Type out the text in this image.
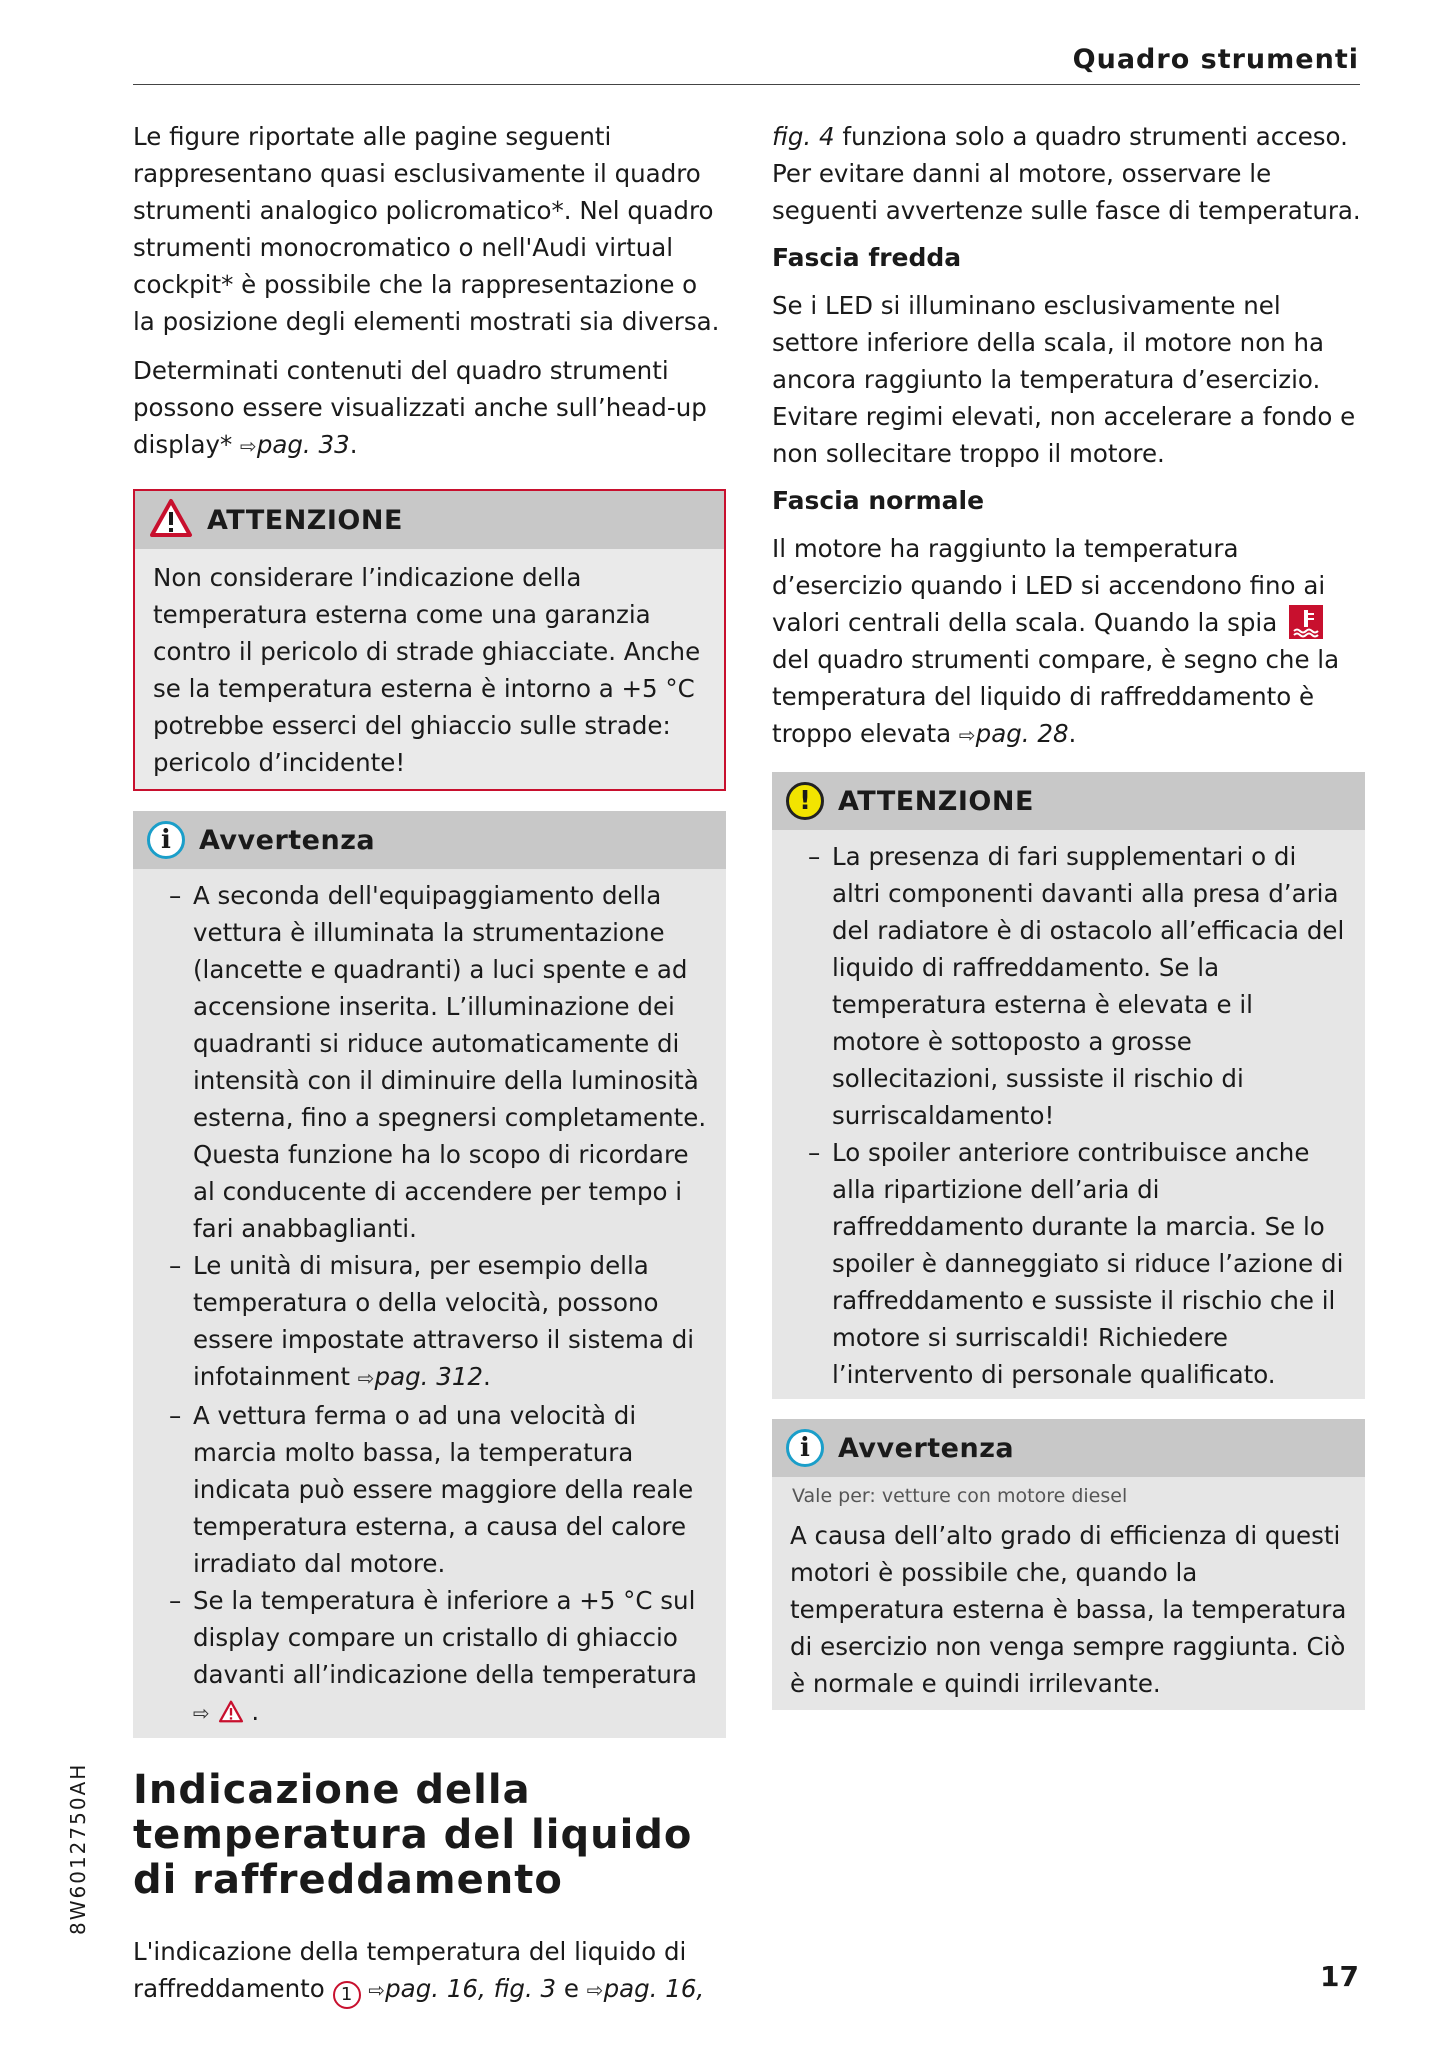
Quadro strumenti

Le figure riportate alle pagine seguenti rappresentano quasi esclusivamente il quadro strumenti analogico policromatico*. Nel quadro strumenti monocromatico o nell'Audi virtual cockpit* è possibile che la rappresentazione o la posizione degli elementi mostrati sia diversa.

Determinati contenuti del quadro strumenti possono essere visualizzati anche sull’head-up display* ⇨pag. 33.

ATTENZIONE

Non considerare l’indicazione della temperatura esterna come una garanzia contro il pericolo di strade ghiacciate. Anche se la temperatura esterna è intorno a +5 °C potrebbe esserci del ghiaccio sulle strade: pericolo d’incidente!

i	Avvertenza
– A seconda dell'equipaggiamento della vettura è illuminata la strumentazione (lancette e quadranti) a luci spente e ad accensione inserita. L’illuminazione dei quadranti si riduce automaticamente di intensità con il diminuire della luminosità esterna, fino a spegnersi completamente. Questa funzione ha lo scopo di ricordare al conducente di accendere per tempo i fari anabbaglianti.
– Le unità di misura, per esempio della temperatura o della velocità, possono essere impostate attraverso il sistema di infotainment ⇨pag. 312.
– A vettura ferma o ad una velocità di marcia molto bassa, la temperatura indicata può essere maggiore della reale temperatura esterna, a causa del calore irradiato dal motore.
– Se la temperatura è inferiore a +5 °C sul display compare un cristallo di ghiaccio davanti all’indicazione della temperatura ⇨ .
Indicazione della temperatura del liquido di raffreddamento

L'indicazione della temperatura del liquido di raffreddamento 1 ⇨pag. 16, fig. 3 e ⇨pag. 16,

fig. 4 funziona solo a quadro strumenti acceso. Per evitare danni al motore, osservare le seguenti avvertenze sulle fasce di temperatura.

Fascia fredda

Se i LED si illuminano esclusivamente nel settore inferiore della scala, il motore non ha ancora raggiunto la temperatura d’esercizio. Evitare regimi elevati, non accelerare a fondo e non sollecitare troppo il motore.

Fascia normale

Il motore ha raggiunto la temperatura d’esercizio quando i LED si accendono fino ai valori centrali della scala. Quando la spia  del quadro strumenti compare, è segno che la temperatura del liquido di raffreddamento è troppo elevata ⇨pag. 28.

!	ATTENZIONE
– La presenza di fari supplementari o di altri componenti davanti alla presa d’aria del radiatore è di ostacolo all’efficacia del liquido di raffreddamento. Se la temperatura esterna è elevata e il motore è sottoposto a grosse sollecitazioni, sussiste il rischio di surriscaldamento!
– Lo spoiler anteriore contribuisce anche alla ripartizione dell’aria di raffreddamento durante la marcia. Se lo spoiler è danneggiato si riduce l’azione di raffreddamento e sussiste il rischio che il motore si surriscaldi! Richiedere l’intervento di personale qualificato.
i	Avvertenza
Vale per: vetture con motore diesel

A causa dell’alto grado di efficienza di questi motori è possibile che, quando la temperatura esterna è bassa, la temperatura di esercizio non venga sempre raggiunta. Ciò è normale e quindi irrilevante.

8W6012750AH
17
